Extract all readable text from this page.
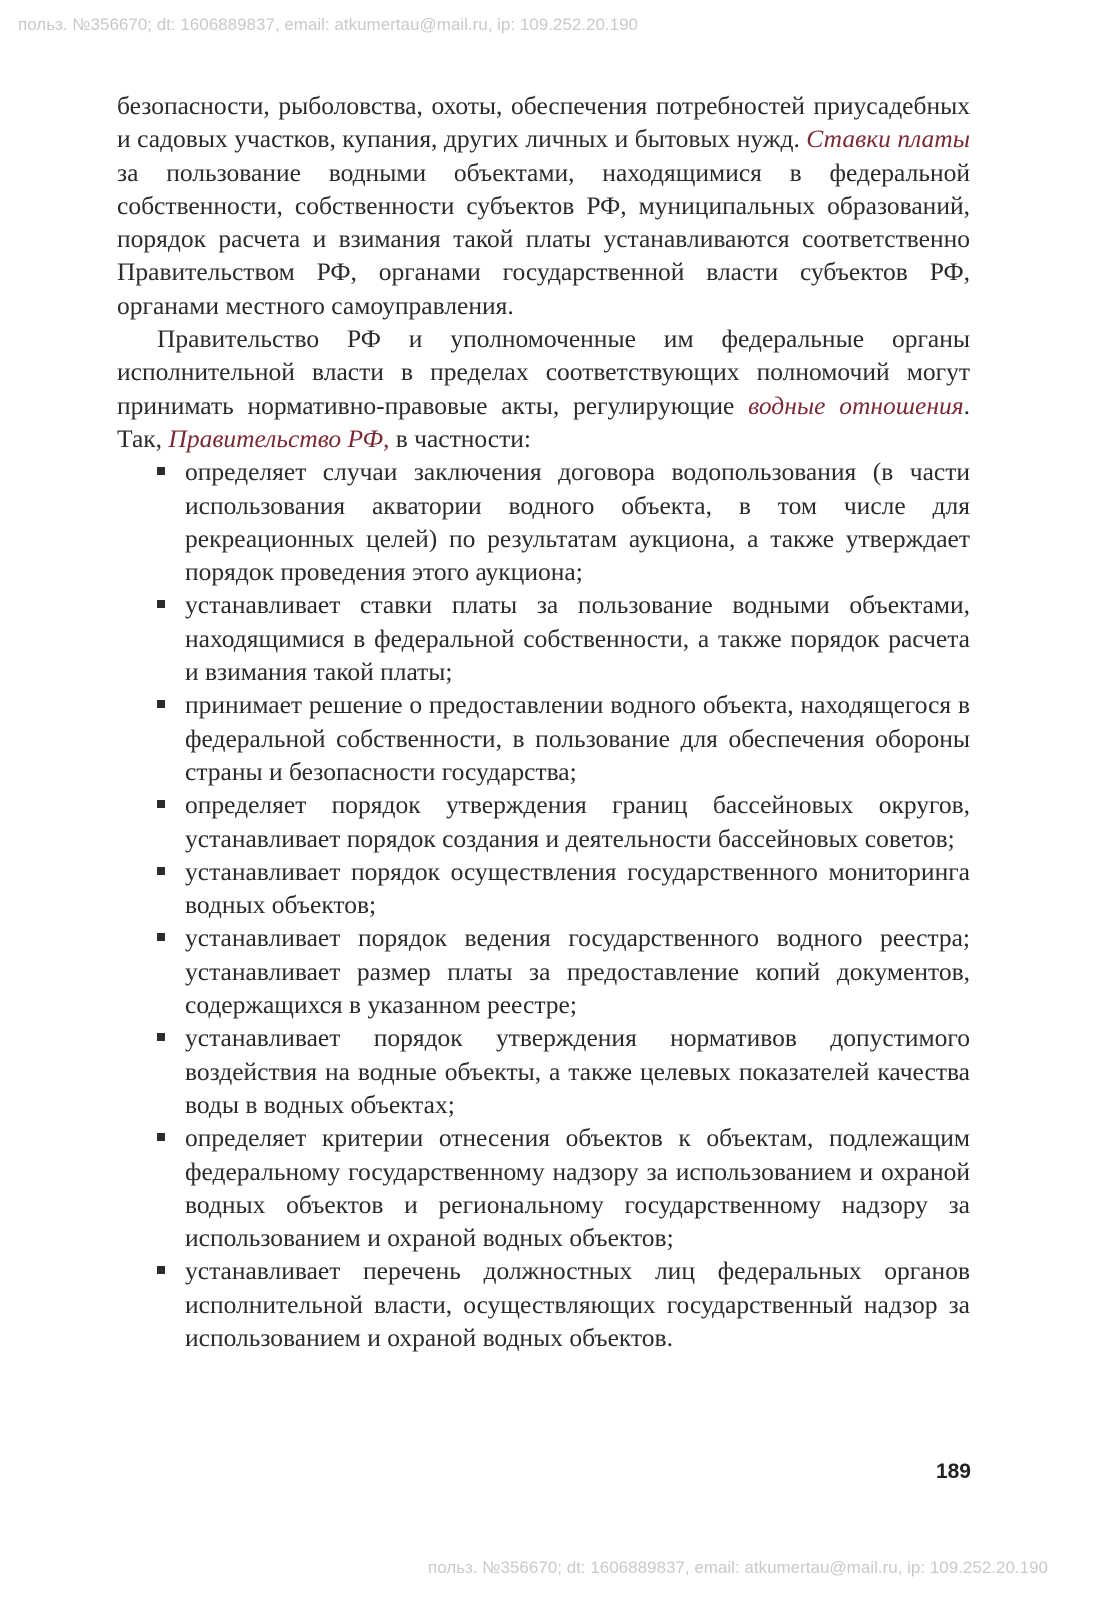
польз. №356670; dt: 1606889837, email: atkumertau@mail.ru, ip: 109.252.20.190

безопасности, рыболовства, охоты, обеспечения потребностей приусадебных и садовых участков, купания, других личных и бытовых нужд. Ставки платы за пользование водными объектами, находящимися в федеральной собственности, собственности субъектов РФ, муниципальных образований, порядок расчета и взимания такой платы устанавливаются соответственно Правительством РФ, органами государственной власти субъектов РФ, органами местного самоуправления.

Правительство РФ и уполномоченные им федеральные органы исполнительной власти в пределах соответствующих полномочий могут принимать нормативно-правовые акты, регулирующие водные отношения. Так, Правительство РФ, в частности:

определяет случаи заключения договора водопользования (в части использования акватории водного объекта, в том числе для рекреационных целей) по результатам аукциона, а также утверждает порядок проведения этого аукциона;
устанавливает ставки платы за пользование водными объектами, находящимися в федеральной собственности, а также порядок расчета и взимания такой платы;
принимает решение о предоставлении водного объекта, находящегося в федеральной собственности, в пользование для обеспечения обороны страны и безопасности государства;
определяет порядок утверждения границ бассейновых округов, устанавливает порядок создания и деятельности бассейновых советов;
устанавливает порядок осуществления государственного мониторинга водных объектов;
устанавливает порядок ведения государственного водного реестра; устанавливает размер платы за предоставление копий документов, содержащихся в указанном реестре;
устанавливает порядок утверждения нормативов допустимого воздействия на водные объекты, а также целевых показателей качества воды в водных объектах;
определяет критерии отнесения объектов к объектам, подлежащим федеральному государственному надзору за использованием и охраной водных объектов и региональному государственному надзору за использованием и охраной водных объектов;
устанавливает перечень должностных лиц федеральных органов исполнительной власти, осуществляющих государственный надзор за использованием и охраной водных объектов.
189
польз. №356670; dt: 1606889837, email: atkumertau@mail.ru, ip: 109.252.20.190
